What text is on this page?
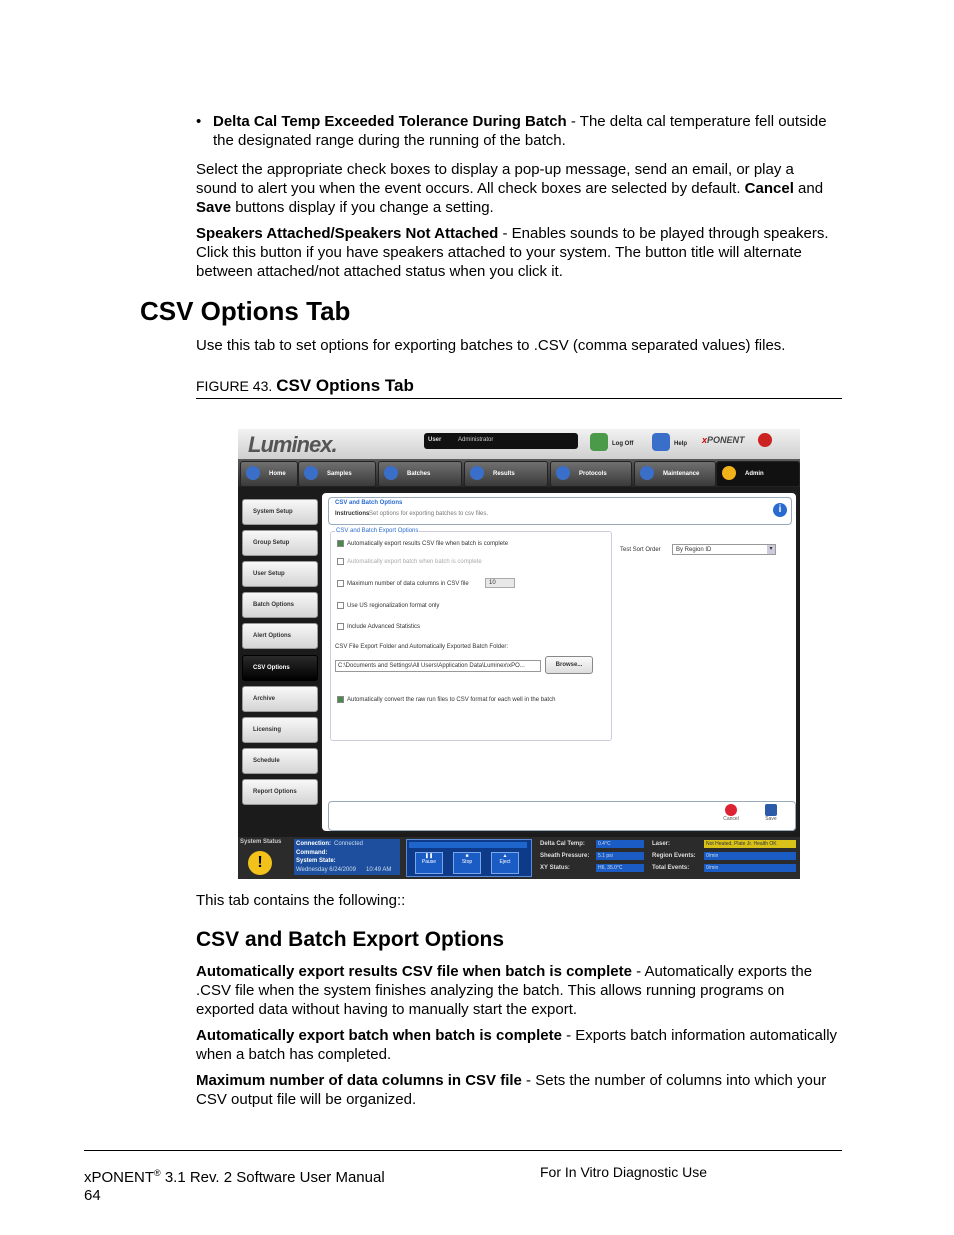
• Delta Cal Temp Exceeded Tolerance During Batch - The delta cal temperature fell outside the designated range during the running of the batch.

Select the appropriate check boxes to display a pop-up message, send an email, or play a sound to alert you when the event occurs. All check boxes are selected by default. Cancel and Save buttons display if you change a setting.

Speakers Attached/Speakers Not Attached - Enables sounds to be played through speakers. Click this button if you have speakers attached to your system. The button title will alternate between attached/not attached status when you click it.

CSV Options Tab

Use this tab to set options for exporting batches to .CSV (comma separated values) files.

FIGURE 43. CSV Options Tab
Luminex.	User	Administrator
Log Off	Help xPONENT
Home	Samples	Batches	Results	Protocols	Maintenance	Admin
System Setup
Group Setup
User Setup
Batch Options
Alert Options
CSV Options
Archive
Licensing
Schedule
Report Options
CSV and Batch Options
Instructions Set options for exporting batches to csv files.	i
CSV and Batch Export Options
Automatically export results CSV file when batch is complete
Automatically export batch when batch is complete
Maximum number of data columns in CSV file	10
Use US regionalization format only
Include Advanced Statistics
CSV File Export Folder and Automatically Exported Batch Folder:
C:\Documents and Settings\All Users\Application Data\Luminex\xPO...	Browse...
Automatically convert the raw run files to CSV format for each well in the batch
Test Sort Order	By Region ID	▾
Cancel	Save
System Status
!
Connection: Connected
Command:
System State:
Wednesday 6/24/2009 10:49 AM
❚❚
Pause
■
Stop
▲
Eject
Delta Cal Temp:	0.4°C
Sheath Pressure:	5.1 psi
XY Status:	H6, 35.0°C
Laser:	Not Heated, Plate Jr. Health OK
Region Events:	0/min
Total Events:	0/min

This tab contains the following::

CSV and Batch Export Options

Automatically export results CSV file when batch is complete - Automatically exports the .CSV file when the system finishes analyzing the batch. This allows running programs on exported data without having to manually start the export.

Automatically export batch when batch is complete - Exports batch information automatically when a batch has completed.

Maximum number of data columns in CSV file - Sets the number of columns into which your CSV output file will be organized.

xPONENT® 3.1 Rev. 2 Software User Manual
64
For In Vitro Diagnostic Use
